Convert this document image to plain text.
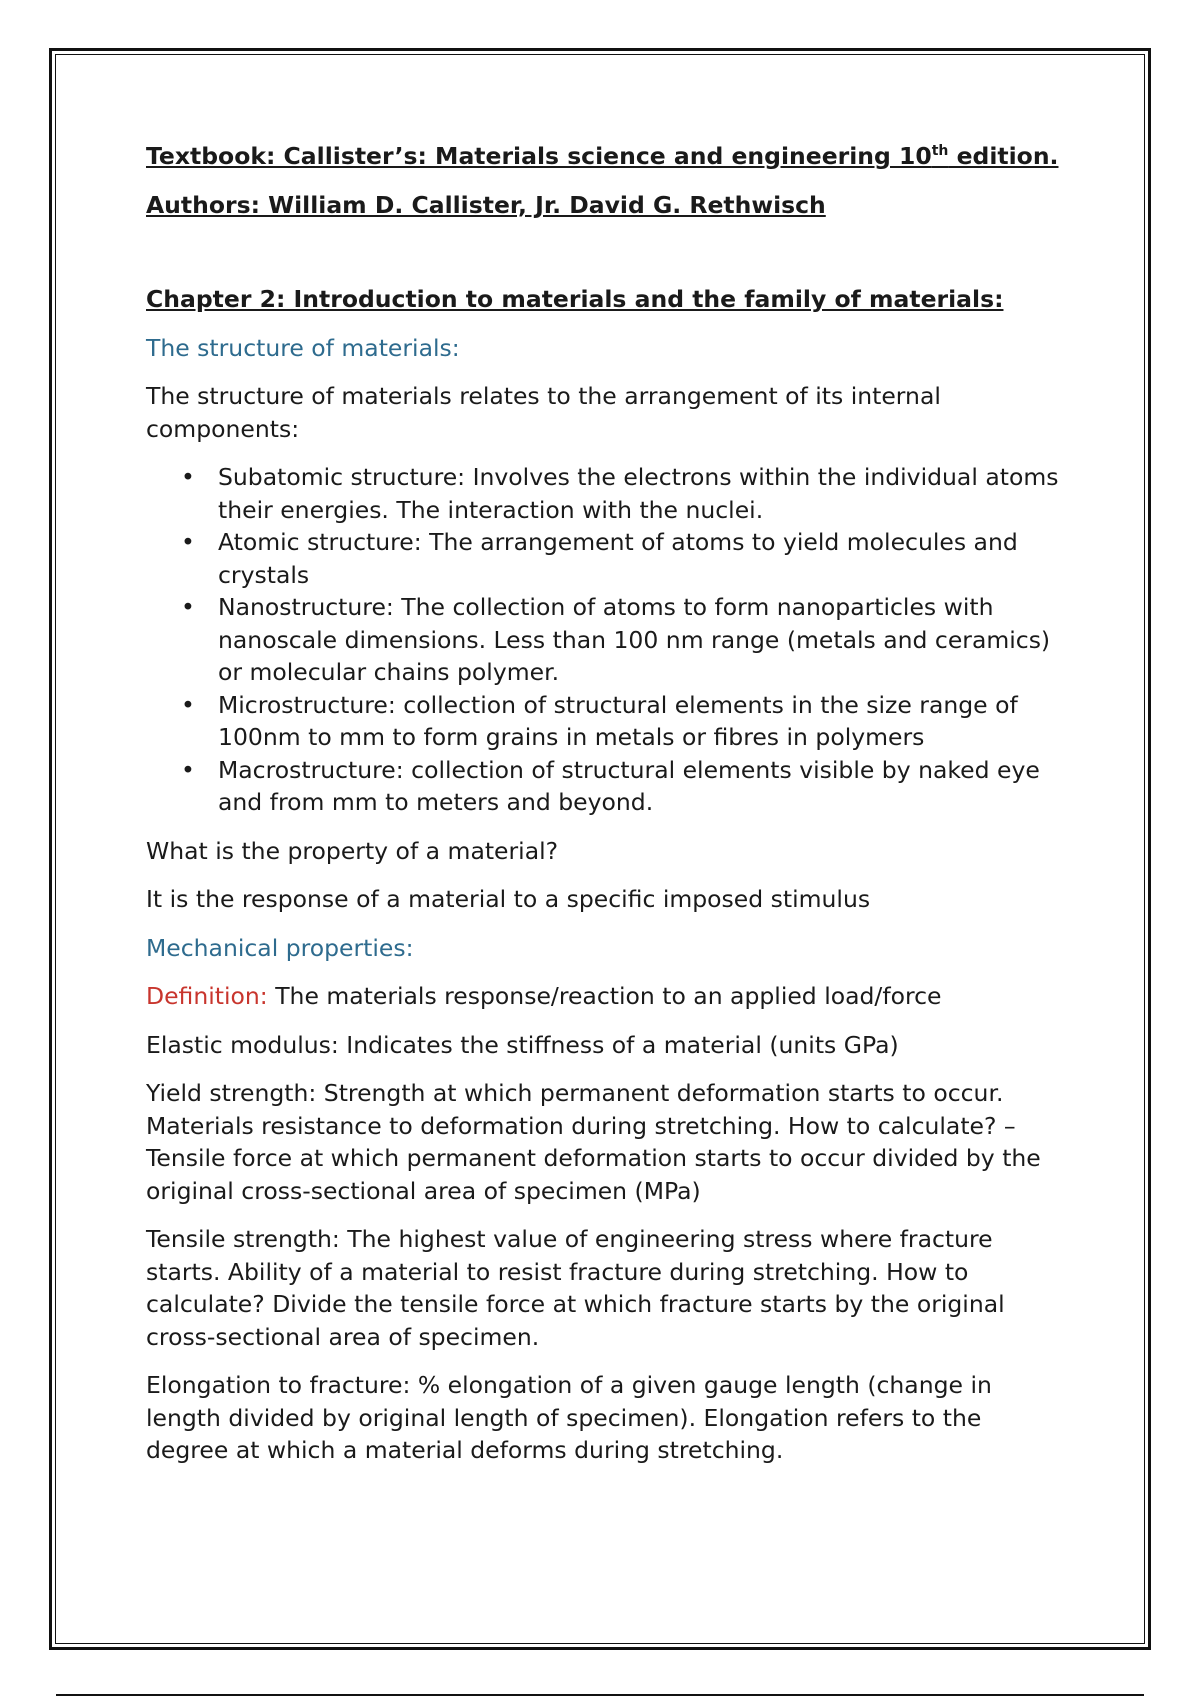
Textbook: Callister’s: Materials science and engineering 10th edition.
Authors: William D. Callister, Jr. David G. Rethwisch
Chapter 2: Introduction to materials and the family of materials:
The structure of materials:

The structure of materials relates to the arrangement of its internal components:

• Subatomic structure: Involves the electrons within the individual atoms their energies. The interaction with the nuclei.
• Atomic structure: The arrangement of atoms to yield molecules and crystals
• Nanostructure: The collection of atoms to form nanoparticles with nanoscale dimensions. Less than 100 nm range (metals and ceramics) or molecular chains polymer.
• Microstructure: collection of structural elements in the size range of 100nm to mm to form grains in metals or fibres in polymers
• Macrostructure: collection of structural elements visible by naked eye and from mm to meters and beyond.

What is the property of a material?

It is the response of a material to a specific imposed stimulus

Mechanical properties:

Definition: The materials response/reaction to an applied load/force

Elastic modulus: Indicates the stiffness of a material (units GPa)

Yield strength: Strength at which permanent deformation starts to occur. Materials resistance to deformation during stretching. How to calculate? – Tensile force at which permanent deformation starts to occur divided by the original cross-sectional area of specimen (MPa)

Tensile strength: The highest value of engineering stress where fracture starts. Ability of a material to resist fracture during stretching. How to calculate? Divide the tensile force at which fracture starts by the original cross-sectional area of specimen.

Elongation to fracture: % elongation of a given gauge length (change in length divided by original length of specimen). Elongation refers to the degree at which a material deforms during stretching.
